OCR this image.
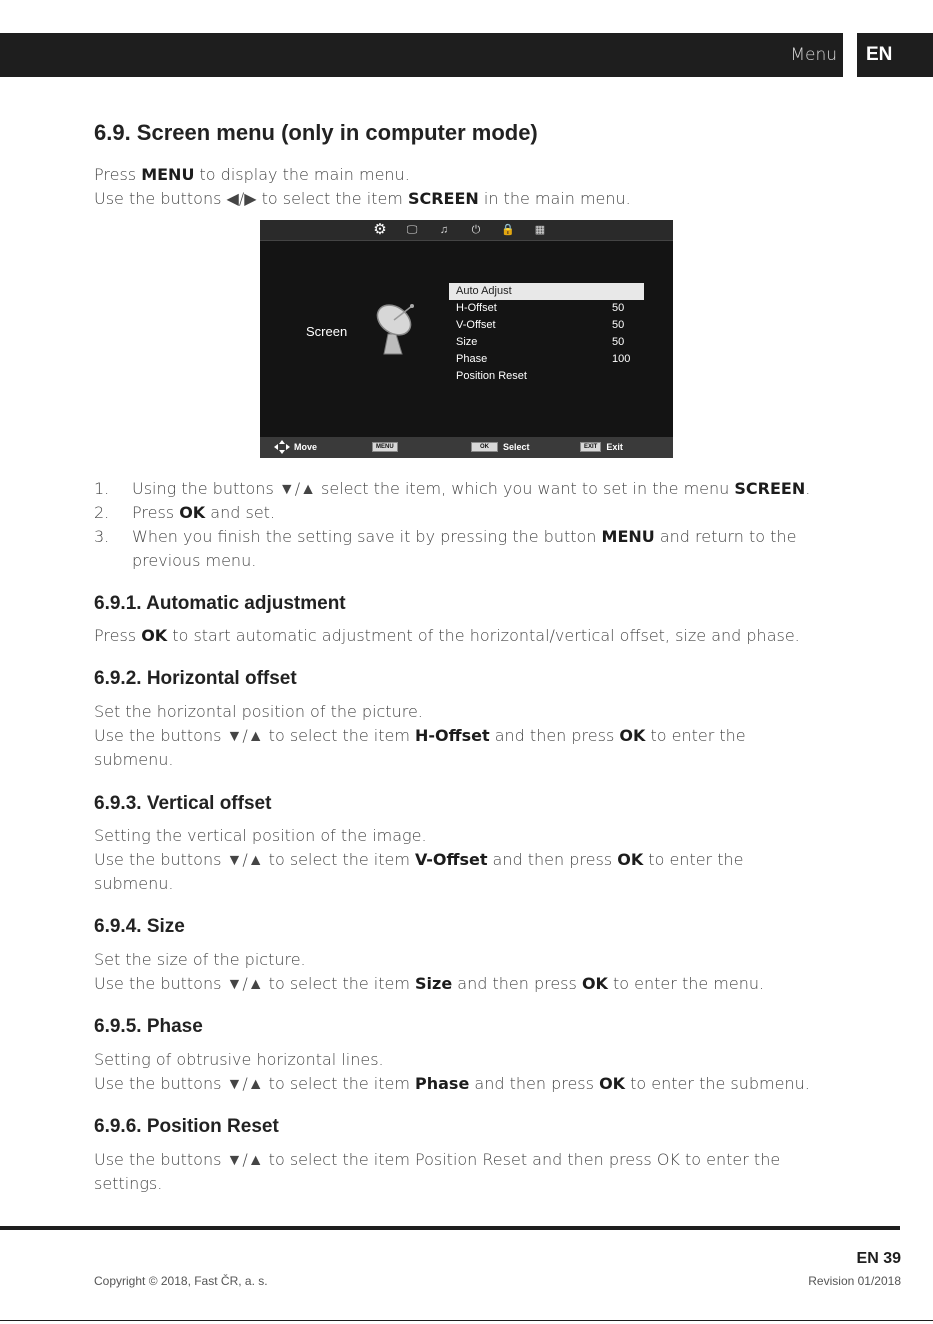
Menu	EN
6.9. Screen menu (only in computer mode)

Press MENU to display the main menu.

Use the buttons ◀/▶ to select the item SCREEN in the main menu.

⚙	🖵	♫	⏻	🔒	▦
Screen
Auto Adjust
H-Offset	50
V-Offset	50
Size	50
Phase	100
Position Reset
Move	MENU	OK	Select	EXIT	Exit
1. Using the buttons ▼/▲ select the item, which you want to set in the menu SCREEN.

2. Press OK and set.

3. When you finish the setting save it by pressing the button MENU and return to the previous menu.

6.9.1. Automatic adjustment

Press OK to start automatic adjustment of the horizontal/vertical offset, size and phase.

6.9.2. Horizontal offset

Set the horizontal position of the picture.

Use the buttons ▼/▲ to select the item H-Offset and then press OK to enter the submenu.

6.9.3. Vertical offset

Setting the vertical position of the image.

Use the buttons ▼/▲ to select the item V-Offset and then press OK to enter the submenu.

6.9.4. Size

Set the size of the picture.

Use the buttons ▼/▲ to select the item Size and then press OK to enter the menu.

6.9.5. Phase

Setting of obtrusive horizontal lines.

Use the buttons ▼/▲ to select the item Phase and then press OK to enter the submenu.

6.9.6. Position Reset

Use the buttons ▼/▲ to select the item Position Reset and then press OK to enter the settings.

EN 39
Revision 01/2018
Copyright © 2018, Fast ČR, a. s.
